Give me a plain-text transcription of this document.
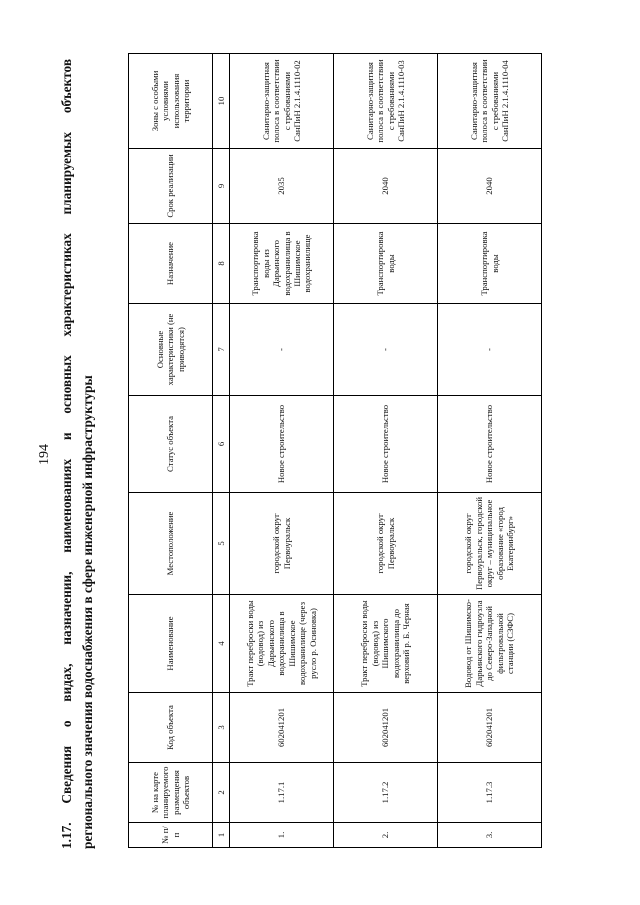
194 1.17. Сведения о видах, назначении, наименованиях и основных характеристиках планируемых объектов регионального значения водоснабжения в сфере инженерной инфраструктуры	№ п/п	№ на карте планируемого размещения объектов	Код объекта	Наименование	Местоположение	Статус объекта	Основные характеристики (не приводятся)	Назначение	Срок реализации	Зоны с особыми условиями использования территории
1	2	3	4	5	6	7	8	9	10
1.	1.17.1	602041201	Тракт переброски воды (водовод) из Дарьинского водохранилища в Шишимское водохранилище (через русло р. Осиновка)	городской округ Первоуральск	Новое строительство	-	Транспортировка воды из Дарьинского водохранилища в Шишимское водохранилище	2035	Санитарно-защитная полоса в соответствии с требованиями СанПиН 2.1.4.1110-02
2.	1.17.2	602041201	Тракт переброски воды (водовод) из Шишимского водохранилища до верховий р. Б. Черная	городской округ Первоуральск	Новое строительство	-	Транспортировка воды	2040	Санитарно-защитная полоса в соответствии с требованиями СанПиН 2.1.4.1110-03
3.	1.17.3	602041201	Водовод от Шишимско-Дарьинского гидроузла до Северо-Западной фильтровальной станции (СЗФС)	городской округ Первоуральск, городской округ – муниципальное образование «город Екатеринбург»	Новое строительство	-	Транспортировка воды	2040	Санитарно-защитная полоса в соответствии с требованиями СанПиН 2.1.4.1110-04
